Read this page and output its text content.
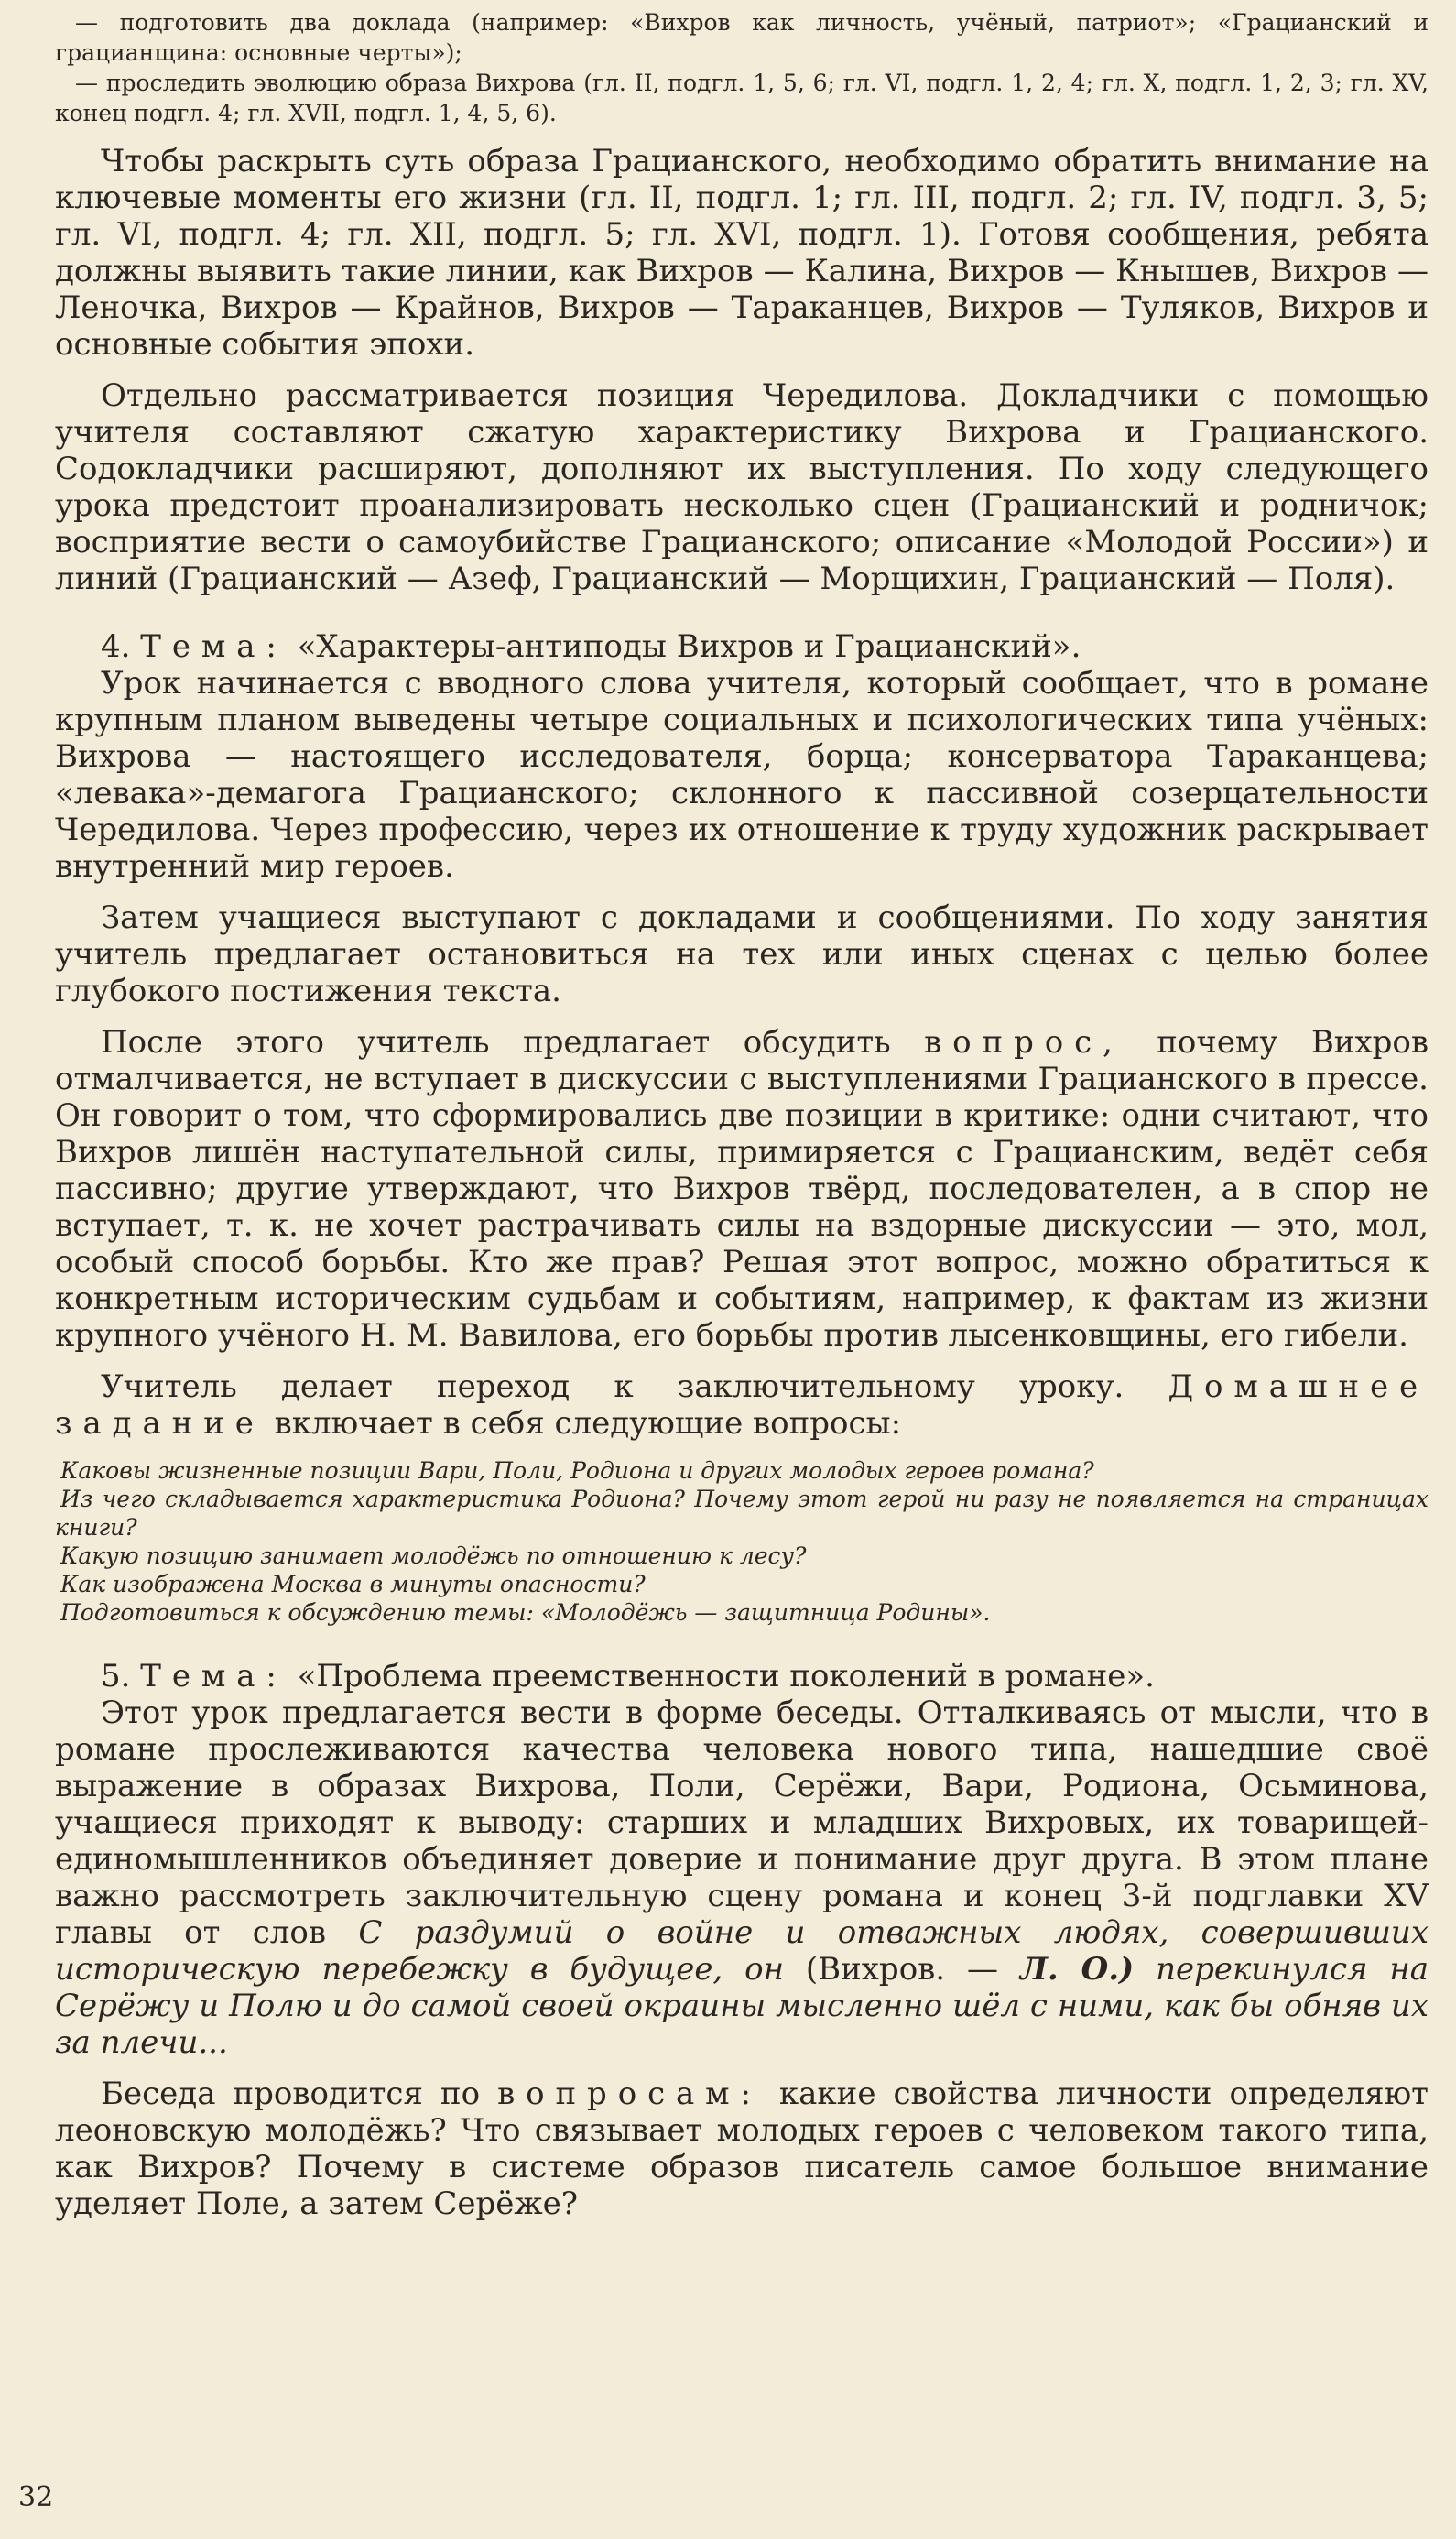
— подготовить два доклада (например: «Вихров как личность, учёный, патриот»; «Грацианский и грацианщина: основные черты»);

— проследить эволюцию образа Вихрова (гл. II, подгл. 1, 5, 6; гл. VI, подгл. 1, 2, 4; гл. X, подгл. 1, 2, 3; гл. XV, конец подгл. 4; гл. XVII, подгл. 1, 4, 5, 6).

Чтобы раскрыть суть образа Грацианского, необходимо обратить внимание на ключевые моменты его жизни (гл. II, подгл. 1; гл. III, подгл. 2; гл. IV, подгл. 3, 5; гл. VI, подгл. 4; гл. XII, подгл. 5; гл. XVI, подгл. 1). Готовя сообщения, ребята должны выявить такие линии, как Вихров — Калина, Вихров — Кнышев, Вихров — Леночка, Вихров — Крайнов, Вихров — Тараканцев, Вихров — Туляков, Вихров и основные события эпохи.

Отдельно рассматривается позиция Чередилова. Докладчики с помощью учителя составляют сжатую характеристику Вихрова и Грацианского. Содокладчики расширяют, дополняют их выступления. По ходу следующего урока предстоит проанализировать несколько сцен (Грацианский и родничок; восприятие вести о самоубийстве Грацианского; описание «Молодой России») и линий (Грацианский — Азеф, Грацианский — Морщихин, Грацианский — Поля).

4. Тема: «Характеры-антиподы Вихров и Грацианский».

Урок начинается с вводного слова учителя, который сообщает, что в романе крупным планом выведены четыре социальных и психологических типа учёных: Вихрова — настоящего исследователя, борца; консерватора Тараканцева; «левака»-демагога Грацианского; склонного к пассивной созерцательности Чередилова. Через профессию, через их отношение к труду художник раскрывает внутренний мир героев.

Затем учащиеся выступают с докладами и сообщениями. По ходу занятия учитель предлагает остановиться на тех или иных сценах с целью более глубокого постижения текста.

После этого учитель предлагает обсудить вопрос, почему Вихров отмалчивается, не вступает в дискуссии с выступлениями Грацианского в прессе. Он говорит о том, что сформировались две позиции в критике: одни считают, что Вихров лишён наступательной силы, примиряется с Грацианским, ведёт себя пассивно; другие утверждают, что Вихров твёрд, последователен, а в спор не вступает, т. к. не хочет растрачивать силы на вздорные дискуссии — это, мол, особый способ борьбы. Кто же прав? Решая этот вопрос, можно обратиться к конкретным историческим судьбам и событиям, например, к фактам из жизни крупного учёного Н. М. Вавилова, его борьбы против лысенковщины, его гибели.

Учитель делает переход к заключительному уроку. Домашнее задание включает в себя следующие вопросы:

Каковы жизненные позиции Вари, Поли, Родиона и других молодых героев романа?
Из чего складывается характеристика Родиона? Почему этот герой ни разу не появляется на страницах книги?
Какую позицию занимает молодёжь по отношению к лесу?
Как изображена Москва в минуты опасности?
Подготовиться к обсуждению темы: «Молодёжь — защитница Родины».

5. Тема: «Проблема преемственности поколений в романе».

Этот урок предлагается вести в форме беседы. Отталкиваясь от мысли, что в романе прослеживаются качества человека нового типа, нашедшие своё выражение в образах Вихрова, Поли, Серёжи, Вари, Родиона, Осьминова, учащиеся приходят к выводу: старших и младших Вихровых, их товарищей-единомышленников объединяет доверие и понимание друг друга. В этом плане важно рассмотреть заключительную сцену романа и конец 3-й подглавки XV главы от слов С раздумий о войне и отважных людях, совершивших историческую перебежку в будущее, он (Вихров. — Л. О.) перекинулся на Серёжу и Полю и до самой своей окраины мысленно шёл с ними, как бы обняв их за плечи...

Беседа проводится по вопросам: какие свойства личности определяют леоновскую молодёжь? Что связывает молодых героев с человеком такого типа, как Вихров? Почему в системе образов писатель самое большое внимание уделяет Поле, а затем Серёже?

32
